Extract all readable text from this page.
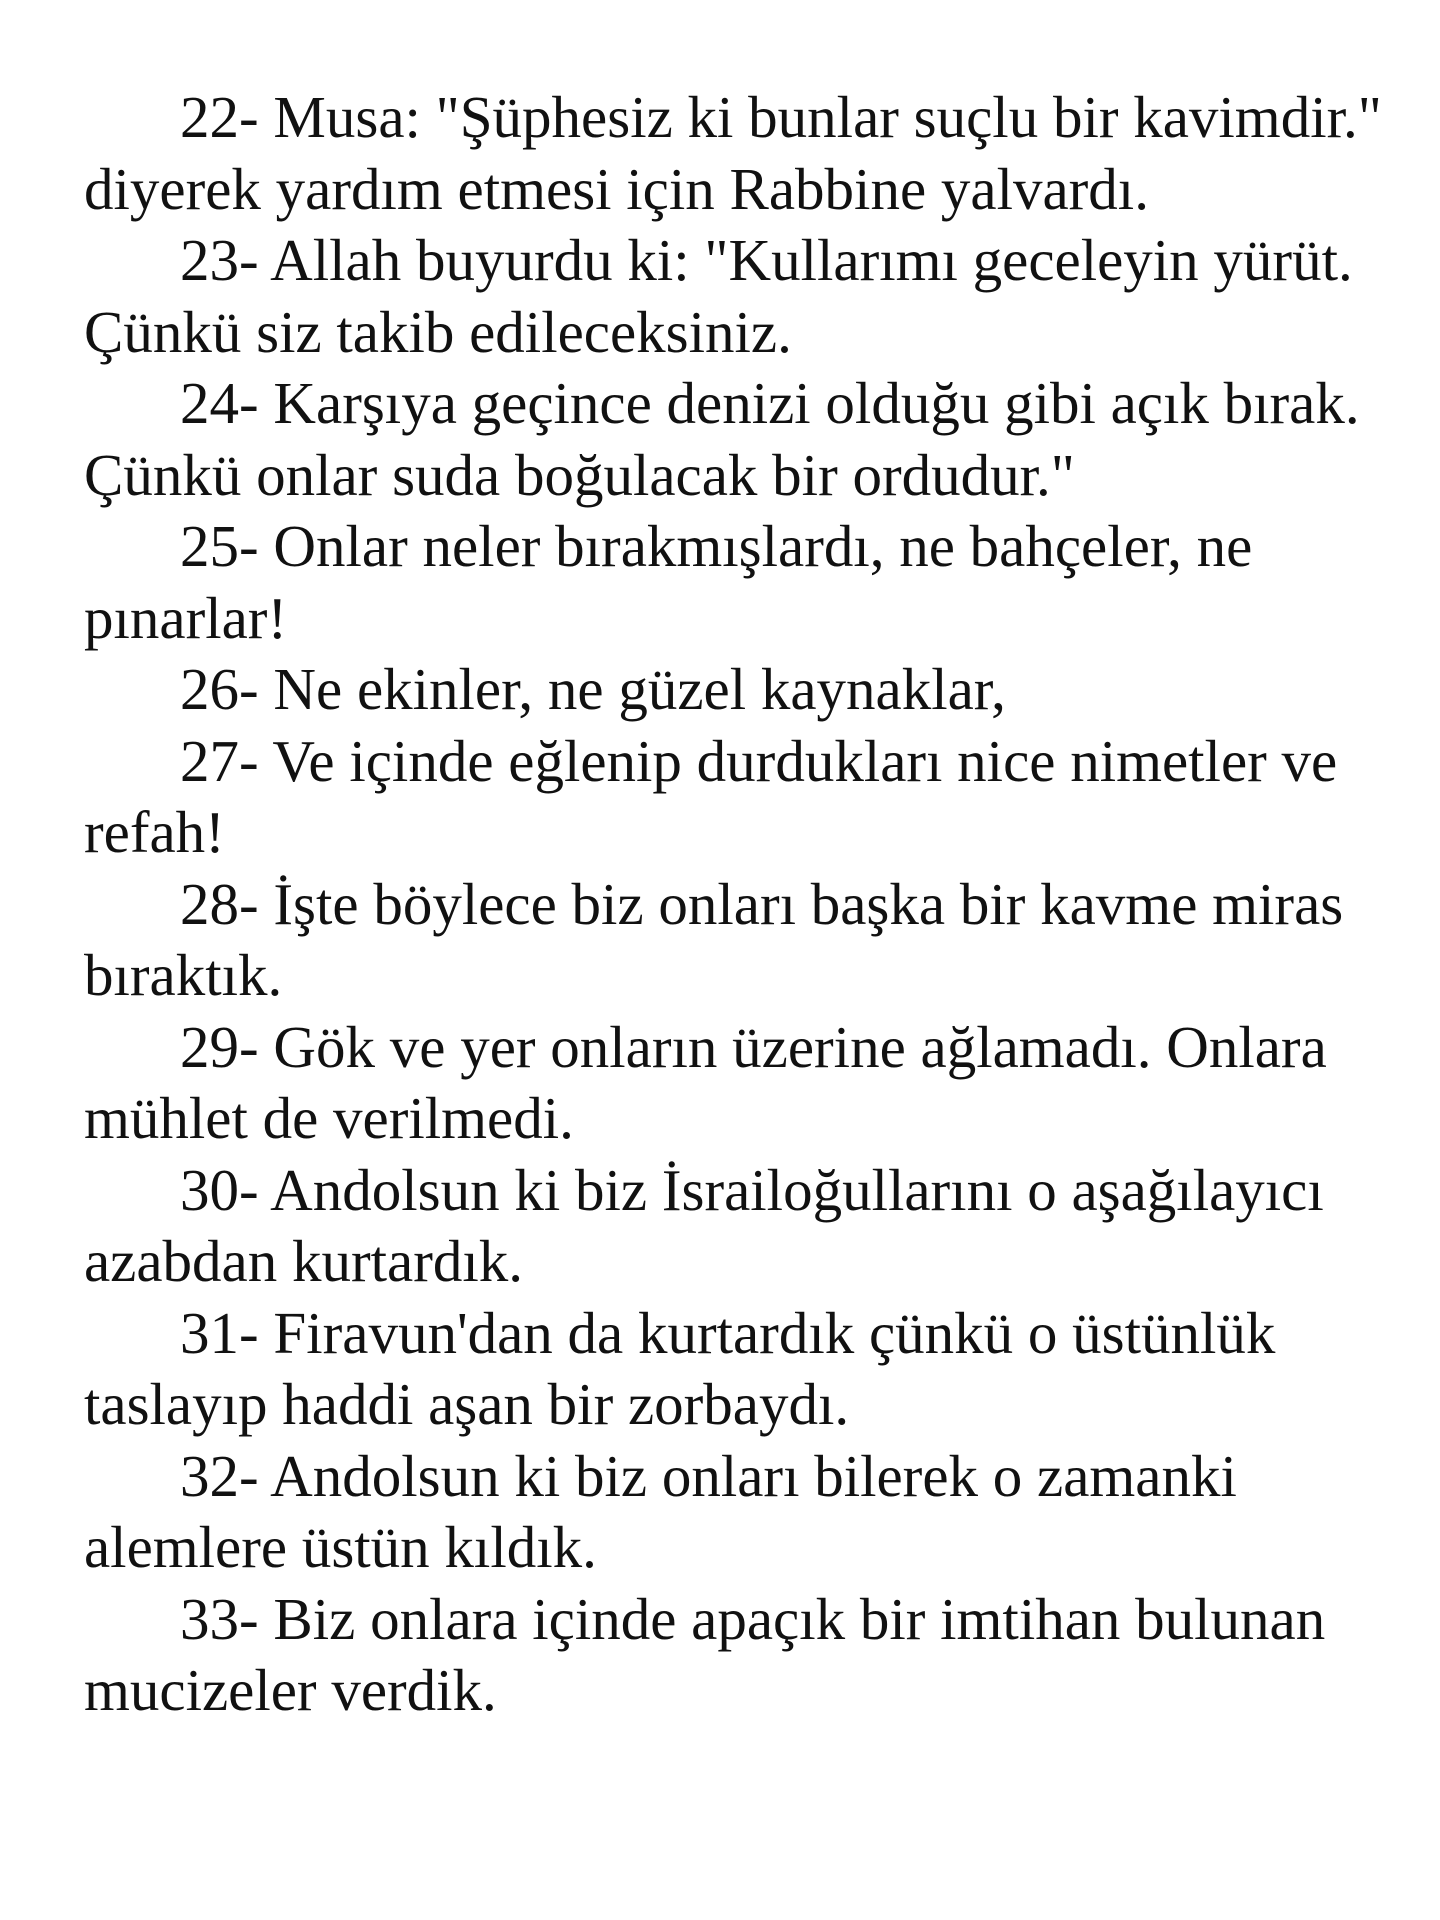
22- Musa: "Şüphesiz ki bunlar suçlu bir kavimdir." diyerek yardım etmesi için Rabbine yalvardı.

23- Allah buyurdu ki: "Kullarımı geceleyin yürüt. Çünkü siz takib edileceksiniz.

24- Karşıya geçince denizi olduğu gibi açık bırak. Çünkü onlar suda boğulacak bir ordudur."

25- Onlar neler bırakmışlardı, ne bahçeler, ne pınarlar!

26- Ne ekinler, ne güzel kaynaklar,

27- Ve içinde eğlenip durdukları nice nimetler ve refah!

28- İşte böylece biz onları başka bir kavme miras bıraktık.

29- Gök ve yer onların üzerine ağlamadı. Onlara mühlet de verilmedi.

30- Andolsun ki biz İsrailoğullarını o aşağılayıcı azabdan kurtardık.

31- Firavun'dan da kurtardık çünkü o üstünlük taslayıp haddi aşan bir zorbaydı.

32- Andolsun ki biz onları bilerek o zamanki alemlere üstün kıldık.

33- Biz onlara içinde apaçık bir imtihan bulunan mucizeler verdik.
